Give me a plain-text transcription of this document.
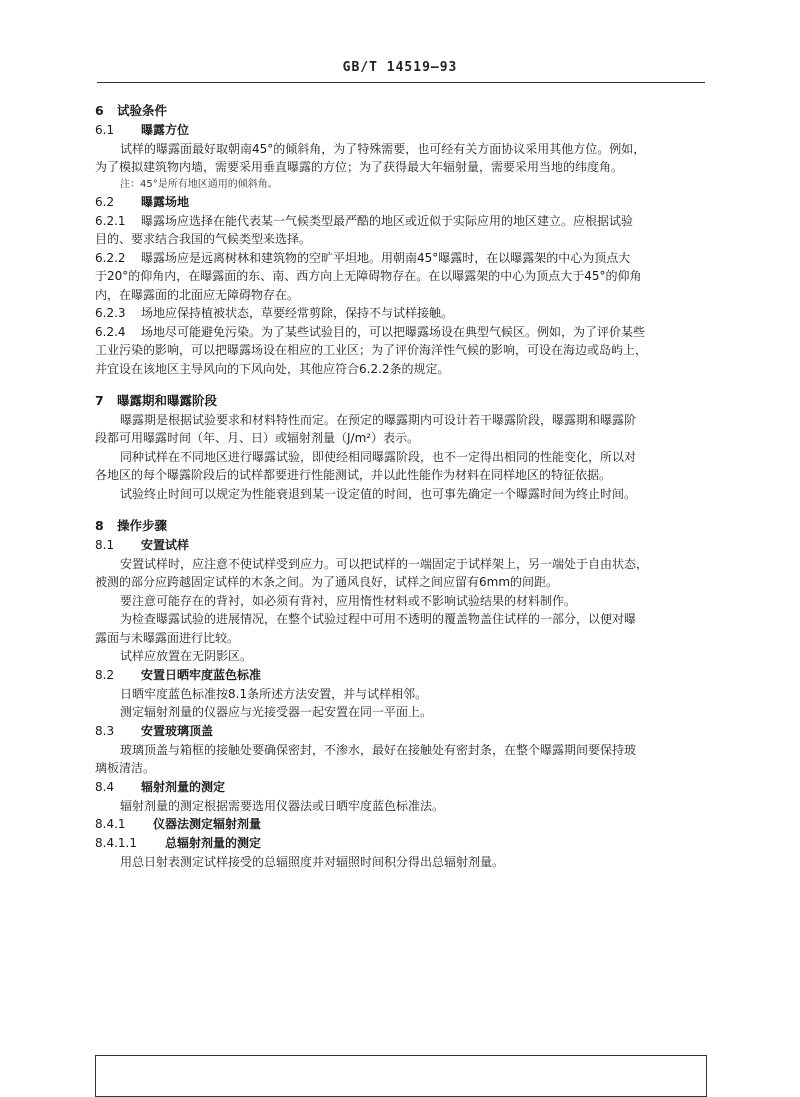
GB/T 14519—93
6 试验条件
6.1 曝露方位
试样的曝露面最好取朝南45°的倾斜角，为了特殊需要，也可经有关方面协议采用其他方位。例如，
为了模拟建筑物内墙，需要采用垂直曝露的方位；为了获得最大年辐射量，需要采用当地的纬度角。
注：45°是所有地区通用的倾斜角。
6.2 曝露场地
6.2.1 曝露场应选择在能代表某一气候类型最严酷的地区或近似于实际应用的地区建立。应根据试验
目的、要求结合我国的气候类型来选择。
6.2.2 曝露场应是远离树林和建筑物的空旷平坦地。用朝南45°曝露时，在以曝露架的中心为顶点大
于20°的仰角内，在曝露面的东、南、西方向上无障碍物存在。在以曝露架的中心为顶点大于45°的仰角
内，在曝露面的北面应无障碍物存在。
6.2.3 场地应保持植被状态，草要经常剪除，保持不与试样接触。
6.2.4 场地尽可能避免污染。为了某些试验目的，可以把曝露场设在典型气候区。例如，为了评价某些
工业污染的影响，可以把曝露场设在相应的工业区；为了评价海洋性气候的影响，可设在海边或岛屿上，
并宜设在该地区主导风向的下风向处，其他应符合6.2.2条的规定。
7 曝露期和曝露阶段
曝露期是根据试验要求和材料特性而定。在预定的曝露期内可设计若干曝露阶段，曝露期和曝露阶
段都可用曝露时间（年、月、日）或辐射剂量（J/m²）表示。
同种试样在不同地区进行曝露试验，即使经相同曝露阶段，也不一定得出相同的性能变化，所以对
各地区的每个曝露阶段后的试样都要进行性能测试，并以此性能作为材料在同样地区的特征依据。
试验终止时间可以规定为性能衰退到某一设定值的时间，也可事先确定一个曝露时间为终止时间。
8 操作步骤
8.1 安置试样
安置试样时，应注意不使试样受到应力。可以把试样的一端固定于试样架上，另一端处于自由状态，
被测的部分应跨越固定试样的木条之间。为了通风良好，试样之间应留有6mm的间距。
要注意可能存在的背衬，如必须有背衬，应用惰性材料或不影响试验结果的材料制作。
为检查曝露试验的进展情况，在整个试验过程中可用不透明的覆盖物盖住试样的一部分，以便对曝
露面与未曝露面进行比较。
试样应放置在无阴影区。
8.2 安置日晒牢度蓝色标准
日晒牢度蓝色标准按8.1条所述方法安置，并与试样相邻。
测定辐射剂量的仪器应与光接受器一起安置在同一平面上。
8.3 安置玻璃顶盖
玻璃顶盖与箱框的接触处要确保密封，不渗水，最好在接触处有密封条，在整个曝露期间要保持玻
璃板清洁。
8.4 辐射剂量的测定
辐射剂量的测定根据需要选用仪器法或日晒牢度蓝色标准法。
8.4.1 仪器法测定辐射剂量
8.4.1.1 总辐射剂量的测定
用总日射表测定试样接受的总辐照度并对辐照时间积分得出总辐射剂量。
